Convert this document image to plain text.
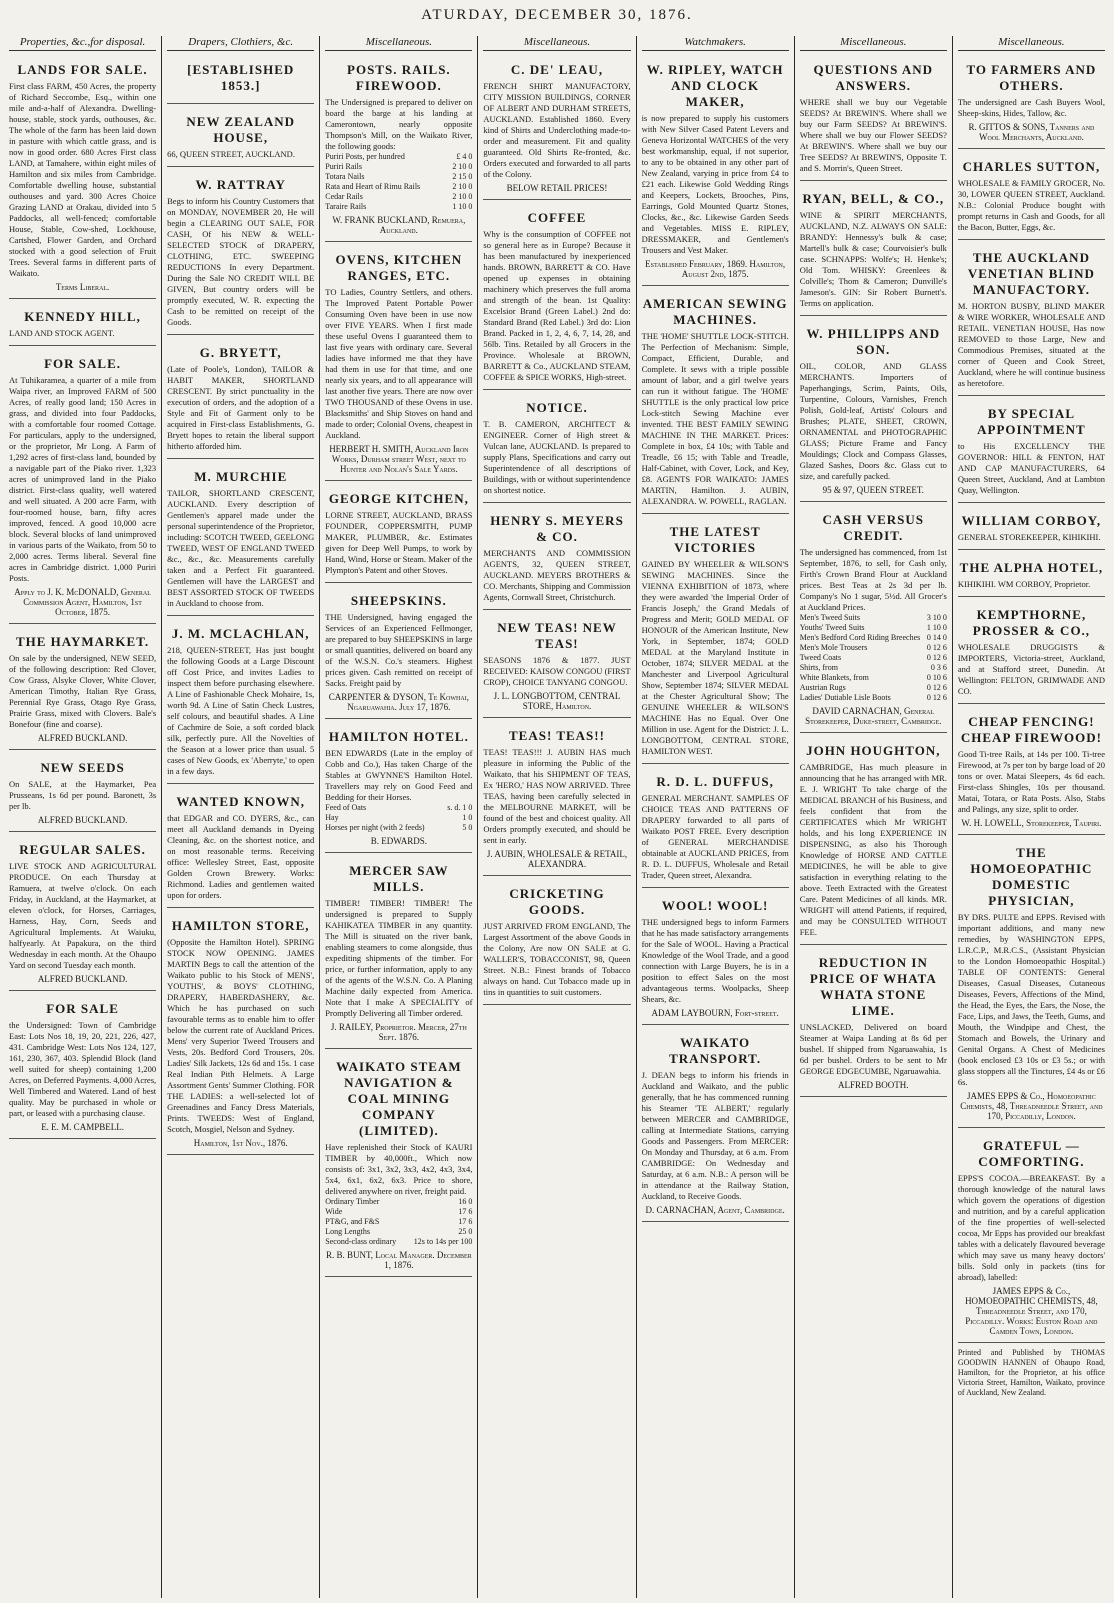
ATURDAY, DECEMBER 30, 1876.
Properties, &c.,for disposal.
LANDS FOR SALE.
First class FARM, 450 Acres, the property of Richard Seccombe, Esq., within one mile and-a-half of Alexandra. Dwelling-house, stable, stock yards, outhouses, &c. The whole of the farm has been laid down in pasture with which cattle grass, and is now in good order. 680 Acres First class LAND, at Tamahere, within eight miles of Hamilton and six miles from Cambridge. Comfortable dwelling house, substantial outhouses and yard. 300 Acres Choice Grazing LAND at Orakau, divided into 5 Paddocks, all well-fenced; comfortable House, Stable, Cow-shed, Lockhouse, Cartshed, Flower Garden, and Orchard stocked with a good selection of Fruit Trees. Several farms in different parts of Waikato.
Terms Liberal.
KENNEDY HILL,
LAND AND STOCK AGENT.
FOR SALE.
At Tuhikaramea, a quarter of a mile from Waipa river, an Improved FARM of 500 Acres, of really good land; 150 Acres in grass, and divided into four Paddocks, with a comfortable four roomed Cottage. For particulars, apply to the undersigned, or the proprietor, Mr Long. A Farm of 1,292 acres of first-class land, bounded by a navigable part of the Piako river. 1,323 acres of unimproved land in the Piako district. First-class quality, well watered and well situated. A 200 acre Farm, with four-roomed house, barn, fifty acres improved, fenced. A good 10,000 acre block. Several blocks of land unimproved in various parts of the Waikato, from 50 to 2,000 acres. Terms liberal. Several fine acres in Cambridge district. 1,000 Puriri Posts.
Apply to J. K. McDONALD, General Commission Agent, Hamilton, 1st October, 1875.
THE HAYMARKET.
On sale by the undersigned, NEW SEED, of the following description: Red Clover, Cow Grass, Alsyke Clover, White Clover, American Timothy, Italian Rye Grass, Perennial Rye Grass, Otago Rye Grass, Prairie Grass, mixed with Clovers. Bale's Bonefour (fine and coarse).
ALFRED BUCKLAND.
NEW SEEDS
On SALE, at the Haymarket, Pea Prusseans, 1s 6d per pound. Baronett, 3s per lb.
ALFRED BUCKLAND.
REGULAR SALES.
LIVE STOCK AND AGRICULTURAL PRODUCE. On each Thursday at Ramuera, at twelve o'clock. On each Friday, in Auckland, at the Haymarket, at eleven o'clock, for Horses, Carriages, Harness, Hay, Corn, Seeds and Agricultural Implements. At Waiuku, halfyearly. At Papakura, on the third Wednesday in each month. At the Ohaupo Yard on second Tuesday each month.
ALFRED BUCKLAND.
FOR SALE
the Undersigned: Town of Cambridge East: Lots Nos 18, 19, 20, 221, 226, 427, 431. Cambridge West: Lots Nos 124, 127, 161, 230, 367, 403. Splendid Block (land well suited for sheep) containing 1,200 Acres, on Deferred Payments. 4,000 Acres, Well Timbered and Watered. Land of best quality. May be purchased in whole or part, or leased with a purchasing clause.
E. E. M. CAMPBELL.
Drapers, Clothiers, &c.
[ESTABLISHED 1853.]
NEW ZEALAND HOUSE,
66, QUEEN STREET, AUCKLAND.
W. RATTRAY
Begs to inform his Country Customers that on MONDAY, NOVEMBER 20, He will begin a CLEARING OUT SALE, FOR CASH, Of his NEW & WELL-SELECTED STOCK of DRAPERY, CLOTHING, ETC. SWEEPING REDUCTIONS In every Department. During the Sale NO CREDIT WILL BE GIVEN, But country orders will be promptly executed, W. R. expecting the Cash to be remitted on receipt of the Goods.
G. BRYETT,
(Late of Poole's, London), TAILOR & HABIT MAKER, SHORTLAND CRESCENT. By strict punctuality in the execution of orders, and the adoption of a Style and Fit of Garment only to be acquired in First-class Establishments, G. Bryett hopes to retain the liberal support hitherto afforded him.
M. MURCHIE
TAILOR, SHORTLAND CRESCENT, AUCKLAND. Every description of Gentlemen's apparel made under the personal superintendence of the Proprietor, including: SCOTCH TWEED, GEELONG TWEED, WEST OF ENGLAND TWEED &c., &c., &c. Measurements carefully taken and a Perfect Fit guaranteed. Gentlemen will have the LARGEST and BEST ASSORTED STOCK OF TWEEDS in Auckland to choose from.
J. M. MCLACHLAN,
218, QUEEN-STREET, Has just bought the following Goods at a Large Discount off Cost Price, and invites Ladies to inspect them before purchasing elsewhere. A Line of Fashionable Check Mohaire, 1s, worth 9d. A Line of Satin Check Lustres, self colours, and beautiful shades. A Line of Cachmire de Soie, a soft corded black silk, perfectly pure. All the Novelties of the Season at a lower price than usual. 5 cases of New Goods, ex 'Aberryte,' to open in a few days.
WANTED KNOWN,
that EDGAR and CO. DYERS, &c., can meet all Auckland demands in Dyeing Cleaning, &c. on the shortest notice, and on most reasonable terms. Receiving office: Wellesley Street, East, opposite Golden Crown Brewery. Works: Richmond. Ladies and gentlemen waited upon for orders.
HAMILTON STORE,
(Opposite the Hamilton Hotel). SPRING STOCK NOW OPENING. JAMES MARTIN Begs to call the attention of the Waikato public to his Stock of MENS', YOUTHS', & BOYS' CLOTHING, DRAPERY, HABERDASHERY, &c. Which he has purchased on such favourable terms as to enable him to offer below the current rate of Auckland Prices. Mens' very Superior Tweed Trousers and Vests, 20s. Bedford Cord Trousers, 20s. Ladies' Silk Jackets, 12s 6d and 15s. 1 case Real Indian Pith Helmets. A Large Assortment Gents' Summer Clothing. FOR THE LADIES: a well-selected lot of Greenadines and Fancy Dress Materials, Prints. TWEEDS: West of England, Scotch, Mosgiel, Nelson and Sydney.
Hamilton, 1st Nov., 1876.
Miscellaneous.
POSTS. RAILS. FIREWOOD.
The Undersigned is prepared to deliver on board the barge at his landing at Camerontown, nearly opposite Thompson's Mill, on the Waikato River, the following goods:
Puriri Posts, per hundred	£ 4 0
Puriri Rails	2 10 0
Totara Nails	2 15 0
Rata and Heart of Rimu Rails	2 10 0
Cedar Rails	2 10 0
Taraire Rails	1 10 0
W. FRANK BUCKLAND, Remuera, Auckland.
OVENS, KITCHEN RANGES, ETC.
TO Ladies, Country Settlers, and others. The Improved Patent Portable Power Consuming Oven have been in use now over FIVE YEARS. When I first made these useful Ovens I guaranteed them to last five years with ordinary care. Several ladies have informed me that they have had them in use for that time, and one nearly six years, and to all appearance will last another five years. There are now over TWO THOUSAND of these Ovens in use. Blacksmiths' and Ship Stoves on hand and made to order; Colonial Ovens, cheapest in Auckland.
HERBERT H. SMITH, Auckland Iron Works, Durham street West, next to Hunter and Nolan's Sale Yards.
GEORGE KITCHEN,
LORNE STREET, AUCKLAND, BRASS FOUNDER, COPPERSMITH, PUMP MAKER, PLUMBER, &c. Estimates given for Deep Well Pumps, to work by Hand, Wind, Horse or Steam. Maker of the Plympton's Patent and other Stoves.
SHEEPSKINS.
THE Undersigned, having engaged the Services of an Experienced Fellmonger, are prepared to buy SHEEPSKINS in large or small quantities, delivered on board any of the W.S.N. Co.'s steamers. Highest prices given. Cash remitted on receipt of Sacks. Freight paid by
CARPENTER & DYSON, Te Kowhai, Ngaruawahia. July 17, 1876.
HAMILTON HOTEL.
BEN EDWARDS (Late in the employ of Cobb and Co.), Has taken Charge of the Stables at GWYNNE'S Hamilton Hotel. Travellers may rely on Good Feed and Bedding for their Horses.
Feed of Oats	s. d. 1 0
Hay	1 0
Horses per night (with 2 feeds)	5 0
B. EDWARDS.
MERCER SAW MILLS.
TIMBER! TIMBER! TIMBER! The undersigned is prepared to Supply KAHIKATEA TIMBER in any quantity. The Mill is situated on the river bank, enabling steamers to come alongside, thus expediting shipments of the timber. For price, or further information, apply to any of the agents of the W.S.N. Co. A Planing Machine daily expected from America. Note that I make A SPECIALITY of Promptly Delivering all Timber ordered.
J. RAILEY, Proprietor. Mercer, 27th Sept. 1876.
WAIKATO STEAM NAVIGATION & COAL MINING COMPANY (LIMITED).
Have replenished their Stock of KAURI TIMBER by 40,000ft., Which now consists of: 3x1, 3x2, 3x3, 4x2, 4x3, 3x4, 5x4, 6x1, 6x2, 6x3. Price to shore, delivered anywhere on river, freight paid.
Ordinary Timber	16 0
Wide	17 6
PT&G, and F&S	17 6
Long Lengths	25 0
Second-class ordinary 12s to 14s per 100
R. B. BUNT, Local Manager. December 1, 1876.
Miscellaneous.
C. DE' LEAU,
FRENCH SHIRT MANUFACTORY, CITY MISSION BUILDINGS, CORNER OF ALBERT AND DURHAM STREETS, AUCKLAND. Established 1860. Every kind of Shirts and Underclothing made-to-order and measurement. Fit and quality guaranteed. Old Shirts Re-fronted, &c. Orders executed and forwarded to all parts of the Colony.
BELOW RETAIL PRICES!
COFFEE
Why is the consumption of COFFEE not so general here as in Europe? Because it has been manufactured by inexperienced hands. BROWN, BARRETT & CO. Have opened up expenses in obtaining machinery which preserves the full aroma and strength of the bean. 1st Quality: Excelsior Brand (Green Label.) 2nd do: Standard Brand (Red Label.) 3rd do: Lion Brand. Packed in 1, 2, 4, 6, 7, 14, 28, and 56lb. Tins. Retailed by all Grocers in the Province. Wholesale at BROWN, BARRETT & Co., AUCKLAND STEAM, COFFEE & SPICE WORKS, High-street.
NOTICE.
T. B. CAMERON, ARCHITECT & ENGINEER. Corner of High street & Vulcan lane, AUCKLAND. Is prepared to supply Plans, Specifications and carry out Superintendence of all descriptions of Buildings, with or without superintendence on shortest notice.
HENRY S. MEYERS & CO.
MERCHANTS AND COMMISSION AGENTS, 32, QUEEN STREET, AUCKLAND. MEYERS BROTHERS & CO. Merchants, Shipping and Commission Agents, Cornwall Street, Christchurch.
NEW TEAS! NEW TEAS!
SEASONS 1876 & 1877. JUST RECEIVED: KAISOW CONGOU (FIRST CROP), CHOICE TANYANG CONGOU.
J. L. LONGBOTTOM, CENTRAL STORE, Hamilton.
TEAS! TEAS!!
TEAS! TEAS!!! J. AUBIN HAS much pleasure in informing the Public of the Waikato, that his SHIPMENT OF TEAS, Ex 'HERO,' HAS NOW ARRIVED. Three TEAS, having been carefully selected in the MELBOURNE MARKET, will be found of the best and choicest quality. All Orders promptly executed, and should be sent in early.
J. AUBIN, WHOLESALE & RETAIL, ALEXANDRA.
CRICKETING GOODS.
JUST ARRIVED FROM ENGLAND, The Largest Assortment of the above Goods in the Colony, Are now ON SALE at G. WALLER'S, TOBACCONIST, 98, Queen Street. N.B.: Finest brands of Tobacco always on hand. Cut Tobacco made up in tins in quantities to suit customers.
Watchmakers.
W. RIPLEY, WATCH AND CLOCK MAKER,
is now prepared to supply his customers with New Silver Cased Patent Levers and Geneva Horizontal WATCHES of the very best workmanship, equal, if not superior, to any to be obtained in any other part of New Zealand, varying in price from £4 to £21 each. Likewise Gold Wedding Rings and Keepers, Lockets, Brooches, Pins, Earrings, Gold Mounted Quartz Stones, Clocks, &c., &c. Likewise Garden Seeds and Vegetables. MISS E. RIPLEY, DRESSMAKER, and Gentlemen's Trousers and Vest Maker.
Established February, 1869. Hamilton, August 2nd, 1875.
AMERICAN SEWING MACHINES.
THE 'HOME' SHUTTLE LOCK-STITCH. The Perfection of Mechanism: Simple, Compact, Efficient, Durable, and Complete. It sews with a triple possible amount of labor, and a girl twelve years can run it without fatigue. The 'HOME' SHUTTLE is the only practical low price Lock-stitch Sewing Machine ever invented. THE BEST FAMILY SEWING MACHINE IN THE MARKET. Prices: Complete in box, £4 10s; with Table and Treadle, £6 15; with Table and Treadle, Half-Cabinet, with Cover, Lock, and Key, £8. AGENTS FOR WAIKATO: JAMES MARTIN, Hamilton. J. AUBIN, ALEXANDRA. W. POWELL, RAGLAN.
THE LATEST VICTORIES
GAINED BY WHEELER & WILSON'S SEWING MACHINES. Since the VIENNA EXHIBITION of 1873, where they were awarded 'the Imperial Order of Francis Joseph,' the Grand Medals of Progress and Merit; GOLD MEDAL OF HONOUR of the American Institute, New York, in September, 1874; GOLD MEDAL at the Maryland Institute in October, 1874; SILVER MEDAL at the Manchester and Liverpool Agricultural Show, September 1874; SILVER MEDAL at the Chester Agricultural Show; The GENUINE WHEELER & WILSON'S MACHINE Has no Equal. Over One Million in use. Agent for the District: J. L. LONGBOTTOM, CENTRAL STORE, HAMILTON WEST.
R. D. L. DUFFUS,
GENERAL MERCHANT. SAMPLES OF CHOICE TEAS AND PATTERNS OF DRAPERY forwarded to all parts of Waikato POST FREE. Every description of GENERAL MERCHANDISE obtainable at AUCKLAND PRICES, from R. D. L. DUFFUS, Wholesale and Retail Trader, Queen street, Alexandra.
WOOL! WOOL!
THE undersigned begs to inform Farmers that he has made satisfactory arrangements for the Sale of WOOL. Having a Practical Knowledge of the Wool Trade, and a good connection with Large Buyers, he is in a position to effect Sales on the most advantageous terms. Woolpacks, Sheep Shears, &c.
ADAM LAYBOURN, Fort-street.
WAIKATO TRANSPORT.
J. DEAN begs to inform his friends in Auckland and Waikato, and the public generally, that he has commenced running his Steamer 'TE ALBERT,' regularly between MERCER and CAMBRIDGE, calling at Intermediate Stations, carrying Goods and Passengers. From MERCER: On Monday and Thursday, at 6 a.m. From CAMBRIDGE: On Wednesday and Saturday, at 6 a.m. N.B.: A person will be in attendance at the Railway Station, Auckland, to Receive Goods.
D. CARNACHAN, Agent, Cambridge.
Miscellaneous.
QUESTIONS AND ANSWERS.
WHERE shall we buy our Vegetable SEEDS? At BREWIN'S. Where shall we buy our Farm SEEDS? At BREWIN'S. Where shall we buy our Flower SEEDS? At BREWIN'S. Where shall we buy our Tree SEEDS? At BREWIN'S, Opposite T. and S. Morrin's, Queen Street.
RYAN, BELL, & CO.,
WINE & SPIRIT MERCHANTS, AUCKLAND, N.Z. ALWAYS ON SALE: BRANDY: Hennessy's bulk & case; Martell's bulk & case; Courvoisier's bulk case. SCHNAPPS: Wolfe's; H. Henke's; Old Tom. WHISKY: Greenlees & Colville's; Thom & Cameron; Dunville's Jameson's. GIN: Sir Robert Burnett's. Terms on application.
W. PHILLIPPS AND SON.
OIL, COLOR, AND GLASS MERCHANTS. Importers of Paperhangings, Scrim, Paints, Oils, Turpentine, Colours, Varnishes, French Polish, Gold-leaf, Artists' Colours and Brushes; PLATE, SHEET, CROWN, ORNAMENTAL and PHOTOGRAPHIC GLASS; Picture Frame and Fancy Mouldings; Clock and Compass Glasses, Glazed Sashes, Doors &c. Glass cut to size, and carefully packed.
95 & 97, QUEEN STREET.
CASH VERSUS CREDIT.
The undersigned has commenced, from 1st September, 1876, to sell, for Cash only, Firth's Crown Brand Flour at Auckland prices. Best Teas at 2s 3d per lb. Company's No 1 sugar, 5½d. All Grocer's at Auckland Prices.
Men's Tweed Suits	3 10 0
Youths' Tweed Suits	1 10 0
Men's Bedford Cord Riding Breeches 0 14 0
Men's Mole Trousers	0 12 6
Tweed Coats	0 12 6
Shirts, from	0 3 6
White Blankets, from	0 10 6
Austrian Rugs	0 12 6
Ladies' Dutiable Lisle Boots	0 12 6
DAVID CARNACHAN, General Storekeeper, Duke-street, Cambridge.
JOHN HOUGHTON,
CAMBRIDGE, Has much pleasure in announcing that he has arranged with MR. E. J. WRIGHT To take charge of the MEDICAL BRANCH of his Business, and feels confident that from the CERTIFICATES which Mr WRIGHT holds, and his long EXPERIENCE IN DISPENSING, as also his Thorough Knowledge of HORSE AND CATTLE MEDICINES, he will be able to give satisfaction in everything relating to the above. Teeth Extracted with the Greatest Care. Patent Medicines of all kinds. MR. WRIGHT will attend Patients, if required, and may be CONSULTED WITHOUT FEE.
REDUCTION IN PRICE OF WHATA WHATA STONE LIME.
UNSLACKED, Delivered on board Steamer at Waipa Landing at 8s 6d per bushel. If shipped from Ngaruawahia, 1s 6d per bushel. Orders to be sent to Mr GEORGE EDGECUMBE, Ngaruawahia.
ALFRED BOOTH.
Miscellaneous.
TO FARMERS AND OTHERS.
The undersigned are Cash Buyers Wool, Sheep-skins, Hides, Tallow, &c.
R. GITTOS & SONS, Tanners and Wool Merchants, Auckland.
CHARLES SUTTON,
WHOLESALE & FAMILY GROCER, No. 30, LOWER QUEEN STREET, Auckland. N.B.: Colonial Produce bought with prompt returns in Cash and Goods, for all the Bacon, Butter, Eggs, &c.
THE AUCKLAND VENETIAN BLIND MANUFACTORY.
M. HORTON BUSBY, BLIND MAKER & WIRE WORKER, WHOLESALE AND RETAIL. VENETIAN HOUSE, Has now REMOVED to those Large, New and Commodious Premises, situated at the corner of Queen and Cook Street, Auckland, where he will continue business as heretofore.
BY SPECIAL APPOINTMENT
to His EXCELLENCY THE GOVERNOR: HILL & FENTON, HAT AND CAP MANUFACTURERS, 64 Queen Street, Auckland, And at Lambton Quay, Wellington.
WILLIAM CORBOY,
GENERAL STOREKEEPER, KIHIKIHI.
THE ALPHA HOTEL,
KIHIKIHI. WM CORBOY, Proprietor.
KEMPTHORNE, PROSSER & CO.,
WHOLESALE DRUGGISTS & IMPORTERS, Victoria-street, Auckland, and at Stafford street, Dunedin. At Wellington: FELTON, GRIMWADE AND CO.
CHEAP FENCING! CHEAP FIREWOOD!
Good Ti-tree Rails, at 14s per 100. Ti-tree Firewood, at 7s per ton by barge load of 20 tons or over. Matai Sleepers, 4s 6d each. First-class Shingles, 10s per thousand. Matai, Totara, or Rata Posts. Also, Stabs and Palings, any size, split to order.
W. H. LOWELL, Storekeeper, Taupiri.
THE HOMOEOPATHIC DOMESTIC PHYSICIAN,
BY DRS. PULTE and EPPS. Revised with important additions, and many new remedies, by WASHINGTON EPPS, L.R.C.P., M.R.C.S., (Assistant Physician to the London Homoeopathic Hospital.) TABLE OF CONTENTS: General Diseases, Casual Diseases, Cutaneous Diseases, Fevers, Affections of the Mind, the Head, the Eyes, the Ears, the Nose, the Face, Lips, and Jaws, the Teeth, Gums, and Mouth, the Windpipe and Chest, the Stomach and Bowels, the Urinary and Genital Organs. A Chest of Medicines (book enclosed £3 10s or £3 5s.; or with glass stoppers all the Tinctures, £4 4s or £6 6s.
JAMES EPPS & Co., Homoeopathic Chemists, 48, Threadneedle Street, and 170, Piccadilly, London.
GRATEFUL — COMFORTING.
EPPS'S COCOA.—BREAKFAST. By a thorough knowledge of the natural laws which govern the operations of digestion and nutrition, and by a careful application of the fine properties of well-selected cocoa, Mr Epps has provided our breakfast tables with a delicately flavoured beverage which may save us many heavy doctors' bills. Sold only in packets (tins for abroad), labelled:
JAMES EPPS & Co., HOMOEOPATHIC CHEMISTS, 48, Threadneedle Street, and 170, Piccadilly. Works: Euston Road and Camden Town, London.
Printed and Published by THOMAS GOODWIN HANNEN of Ohaupo Road, Hamilton, for the Proprietor, at his office Victoria Street, Hamilton, Waikato, province of Auckland, New Zealand.
